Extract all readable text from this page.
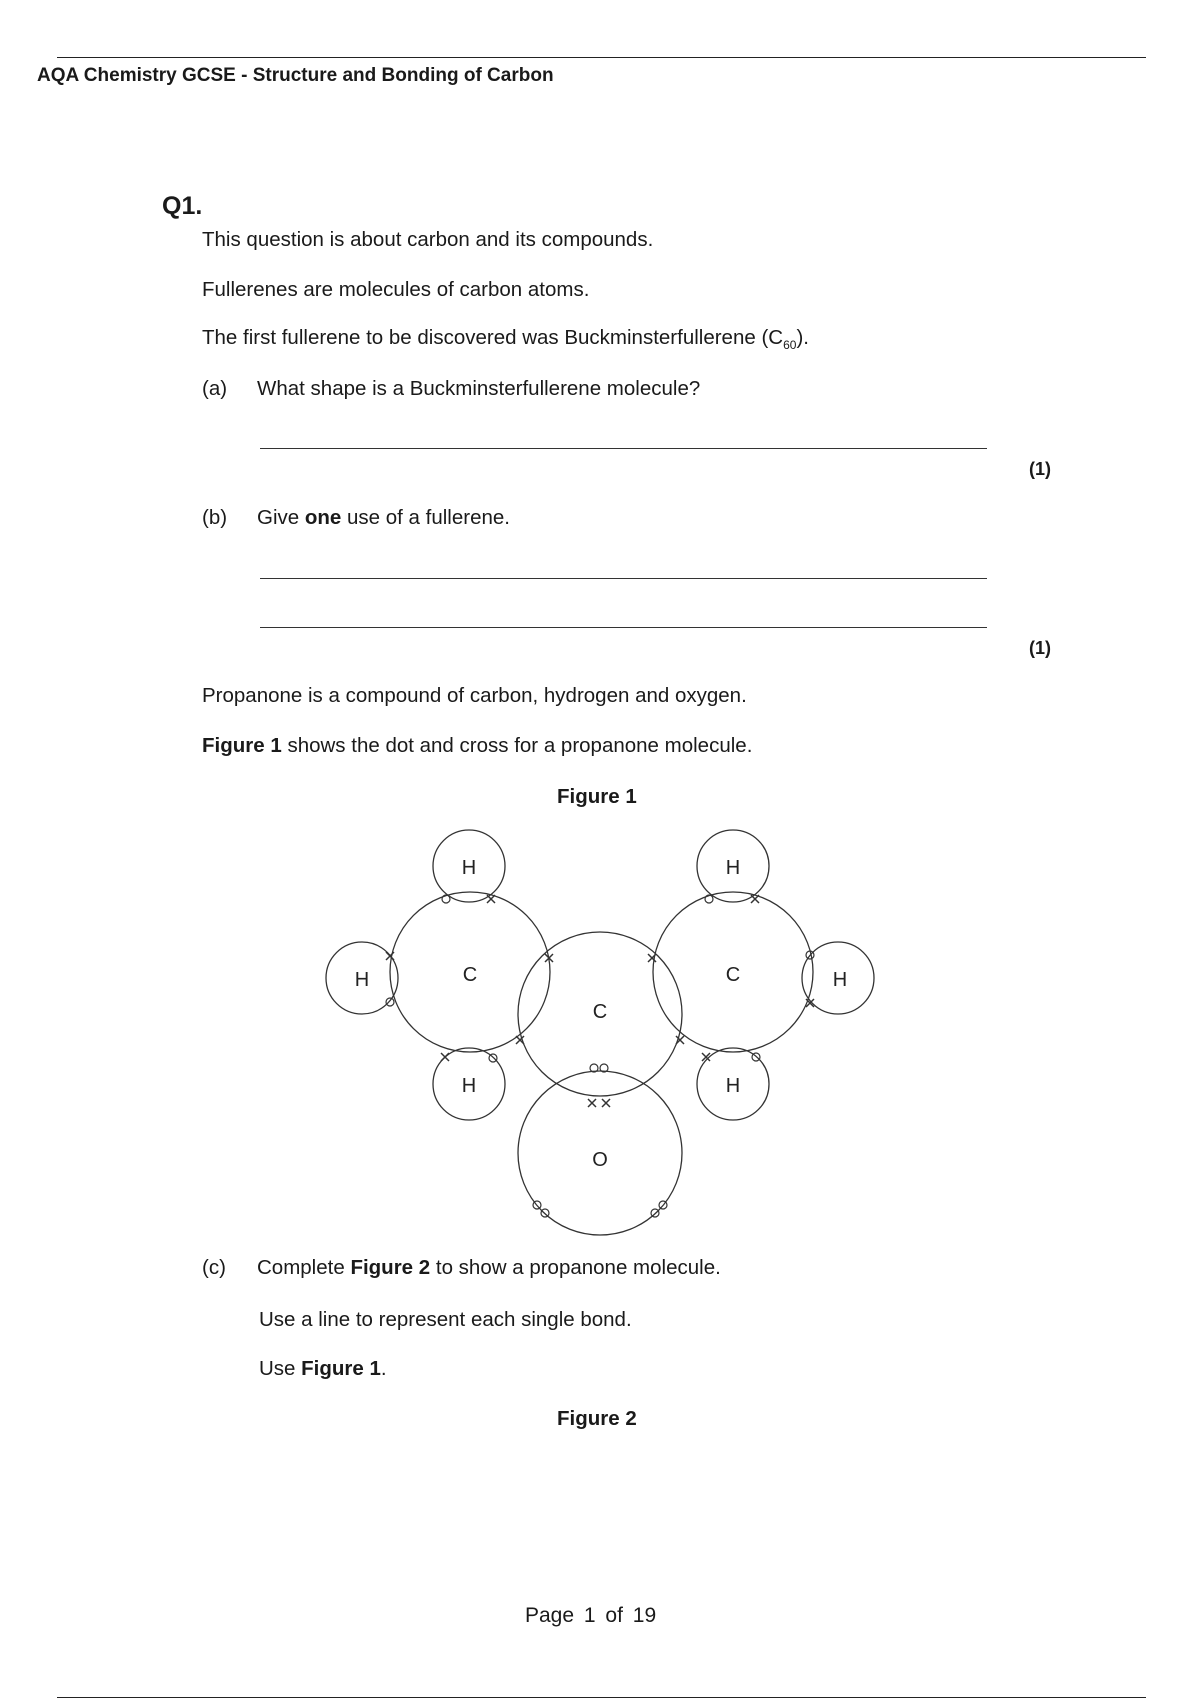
AQA Chemistry GCSE - Structure and Bonding of Carbon
Q1.
This question is about carbon and its compounds.
Fullerenes are molecules of carbon atoms.
The first fullerene to be discovered was Buckminsterfullerene $(C_{60})$.
(a) What shape is a Buckminsterfullerene molecule?
(1)
(b) Give one use of a fullerene.
(1)
Propanone is a compound of carbon, hydrogen and oxygen.
Figure 1 shows the dot and cross for a propanone molecule.
Figure 1
C
C
C
O
H
H
H
H
H
H
(c) Complete Figure 2 to show a propanone molecule.
Use a line to represent each single bond.
Use Figure 1.
Figure 2
Page 1 of 19
